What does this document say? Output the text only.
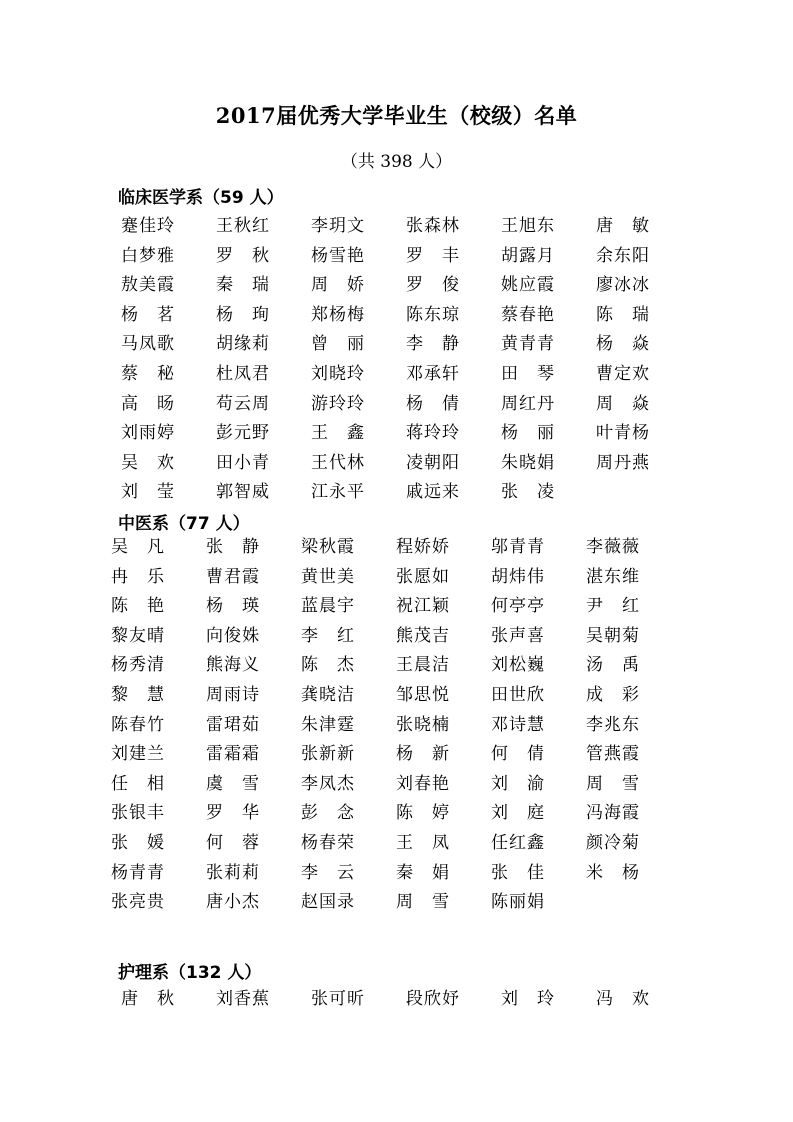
2017届优秀大学毕业生（校级）名单
（共 398 人）
临床医学系（59 人）
蹇佳玲	王秋红	李玥文	张森林	王旭东	唐　敏
白梦雅	罗　秋	杨雪艳	罗　丰	胡露月	余东阳
敖美霞	秦　瑞	周　娇	罗　俊	姚应霞	廖冰冰
杨　茗	杨　珣	郑杨梅	陈东琼	蔡春艳	陈　瑞
马凤歌	胡缘莉	曾　丽	李　静	黄青青	杨　焱
蔡　秘	杜凤君	刘晓玲	邓承轩	田　琴	曹定欢
高　旸	苟云周	游玲玲	杨　倩	周红丹	周　焱
刘雨婷	彭元野	王　鑫	蒋玲玲	杨　丽	叶青杨
吴　欢	田小青	王代林	凌朝阳	朱晓娟	周丹燕
刘　莹	郭智威	江永平	戚远来	张　凌
中医系（77 人）
吴　凡	张　静	梁秋霞	程娇娇	邬青青	李薇薇
冉　乐	曹君霞	黄世美	张愿如	胡炜伟	湛东维
陈　艳	杨　瑛	蓝晨宇	祝江颖	何亭亭	尹　红
黎友晴	向俊姝	李　红	熊茂吉	张声喜	吴朝菊
杨秀清	熊海义	陈　杰	王晨洁	刘松巍	汤　禹
黎　慧	周雨诗	龚晓洁	邹思悦	田世欣	成　彩
陈春竹	雷珺茹	朱津霆	张晓楠	邓诗慧	李兆东
刘建兰	雷霜霜	张新新	杨　新	何　倩	管燕霞
任　相	虞　雪	李凤杰	刘春艳	刘　渝	周　雪
张银丰	罗　华	彭　念	陈　婷	刘　庭	冯海霞
张　媛	何　蓉	杨春荣	王　凤	任红鑫	颜冷菊
杨青青	张莉莉	李　云	秦　娟	张　佳	米　杨
张亮贵	唐小杰	赵国录	周　雪	陈丽娟
护理系（132 人）
唐　秋	刘香蕉	张可昕	段欣妤	刘　玲	冯　欢
